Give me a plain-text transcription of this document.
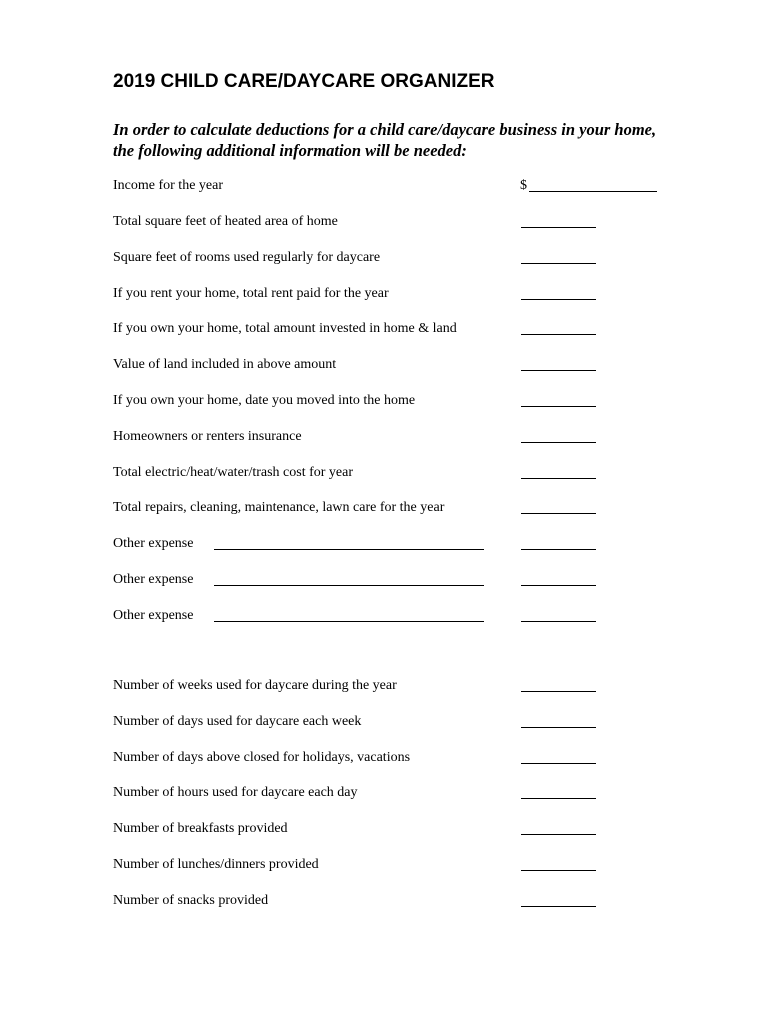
2019 CHILD CARE/DAYCARE ORGANIZER

In order to calculate deductions for a child care/daycare business in your home, the following additional information will be needed:

Income for the year	$
Total square feet of heated area of home
Square feet of rooms used regularly for daycare
If you rent your home, total rent paid for the year
If you own your home, total amount invested in home & land
Value of land included in above amount
If you own your home, date you moved into the home
Homeowners or renters insurance
Total electric/heat/water/trash cost for year
Total repairs, cleaning, maintenance, lawn care for the year
Other expense
Other expense
Other expense
Number of weeks used for daycare during the year
Number of days used for daycare each week
Number of days above closed for holidays, vacations
Number of hours used for daycare each day
Number of breakfasts provided
Number of lunches/dinners provided
Number of snacks provided
